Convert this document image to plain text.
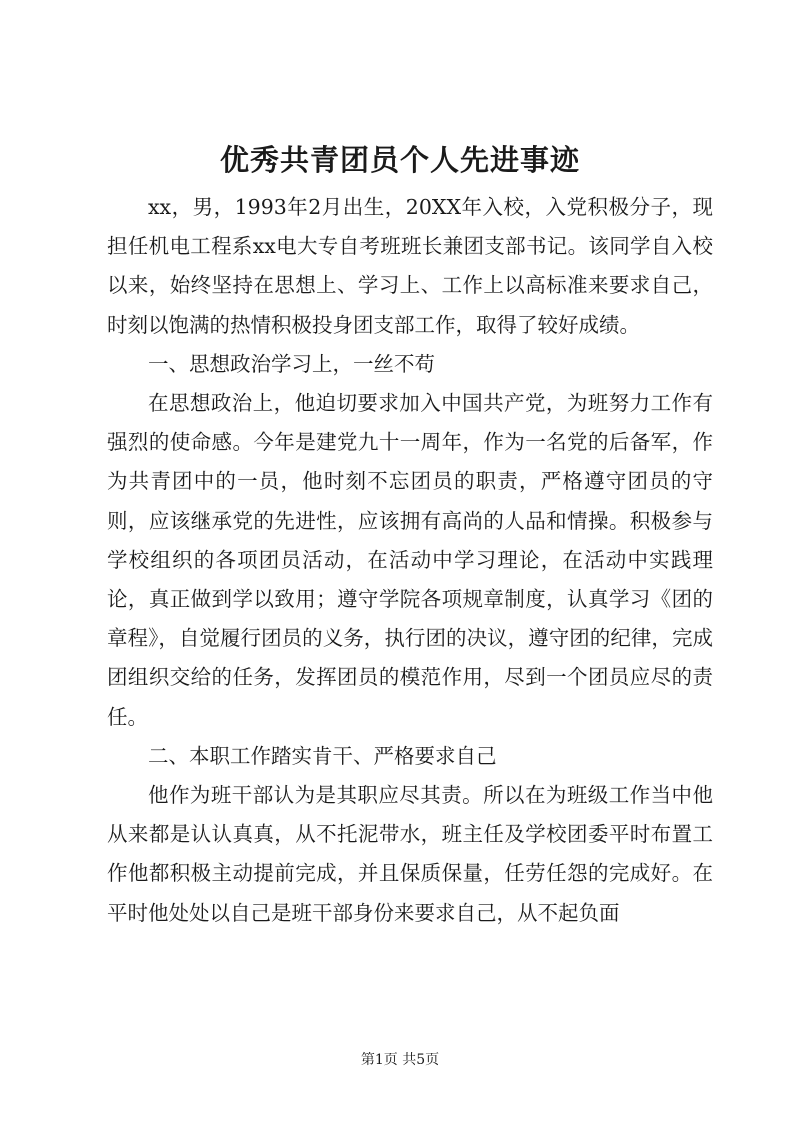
优秀共青团员个人先进事迹

xx，男，1993年2月出生，20XX年入校，入党积极分子，现担任机电工程系xx电大专自考班班长兼团支部书记。该同学自入校以来，始终坚持在思想上、学习上、工作上以高标准来要求自己，时刻以饱满的热情积极投身团支部工作，取得了较好成绩。

一、思想政治学习上，一丝不苟

在思想政治上，他迫切要求加入中国共产党，为班努力工作有强烈的使命感。今年是建党九十一周年，作为一名党的后备军，作为共青团中的一员，他时刻不忘团员的职责，严格遵守团员的守则，应该继承党的先进性，应该拥有高尚的人品和情操。积极参与学校组织的各项团员活动，在活动中学习理论，在活动中实践理论，真正做到学以致用；遵守学院各项规章制度，认真学习《团的章程》，自觉履行团员的义务，执行团的决议，遵守团的纪律，完成团组织交给的任务，发挥团员的模范作用，尽到一个团员应尽的责任。

二、本职工作踏实肯干、严格要求自己

他作为班干部认为是其职应尽其责。所以在为班级工作当中他从来都是认认真真，从不托泥带水，班主任及学校团委平时布置工作他都积极主动提前完成，并且保质保量，任劳任怨的完成好。在平时他处处以自己是班干部身份来要求自己，从不起负面

第1页 共5页
